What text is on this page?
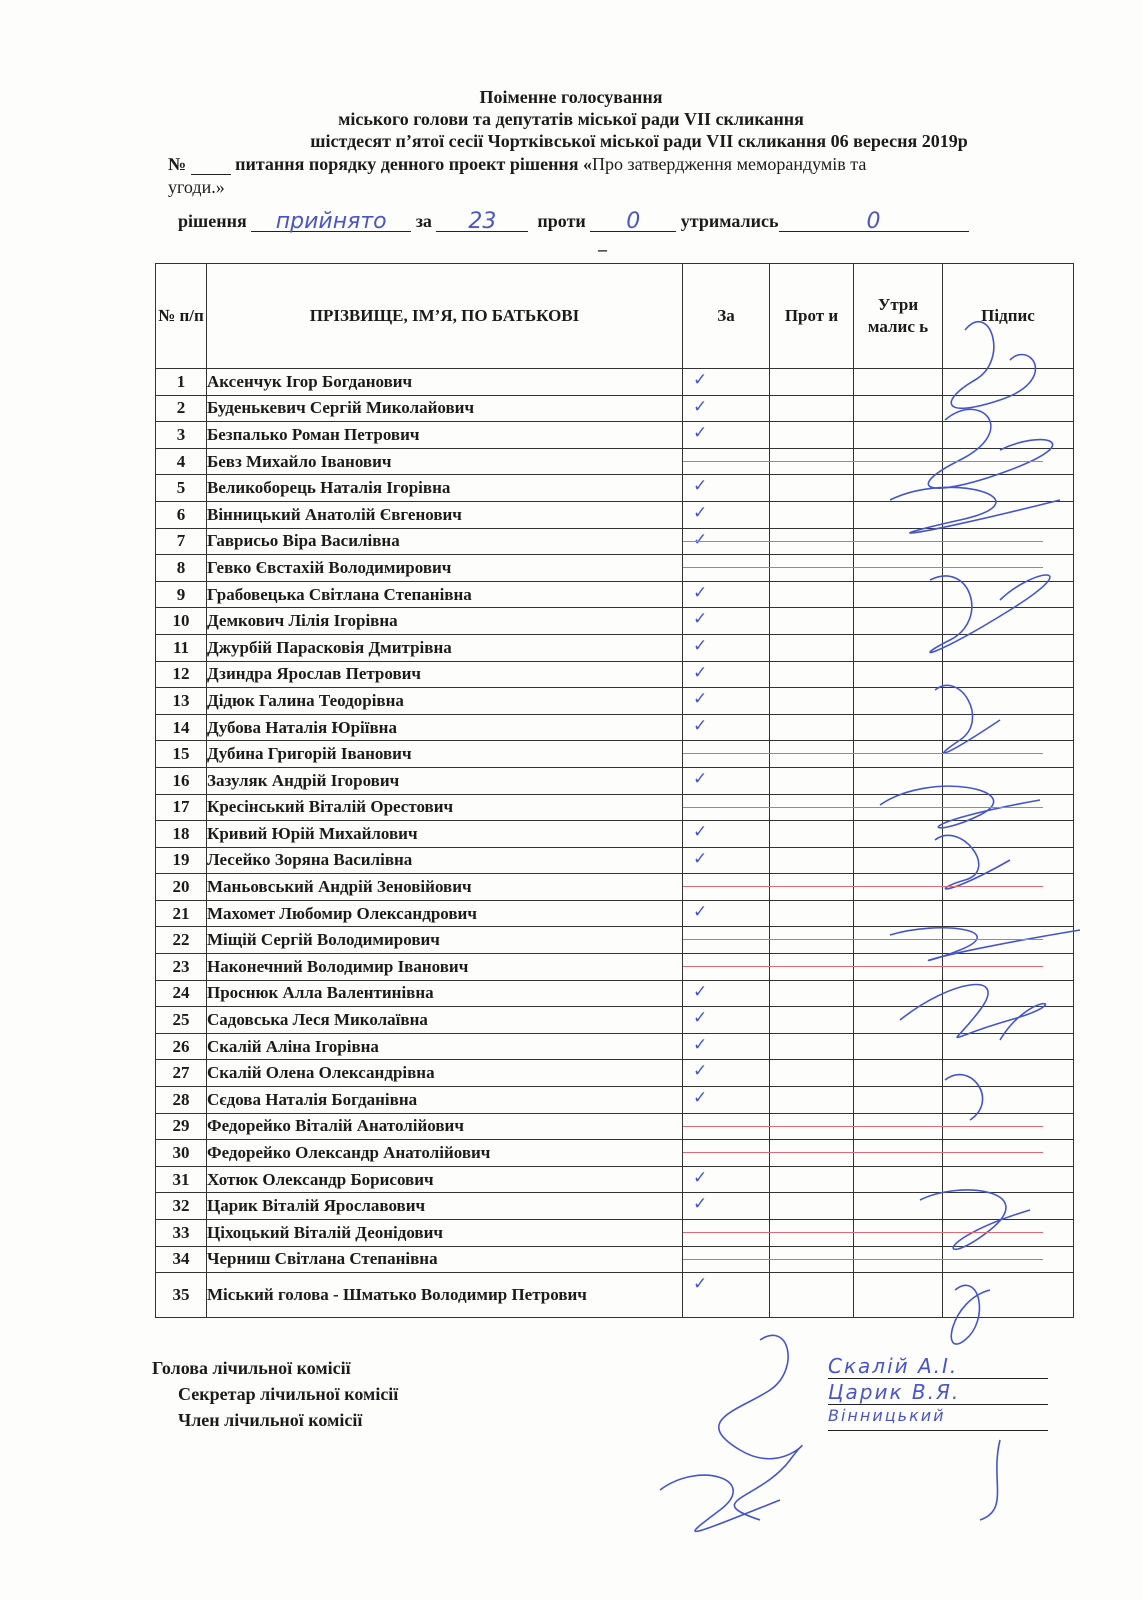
Поіменне голосування
міського голови та депутатів міської ради VII скликання
шістдесят п’ятої сесії Чортківської міської ради VII скликання 06 вересня 2019р
№	питання порядку денного проект рішення «Про затвердження меморандумів та
угоди.»
рішення прийнято за 23 проти 0 утримались	0
–
№ п/п	ПРІЗВИЩЕ, ІМ’Я, ПО БАТЬКОВІ	За	Прот и	Утри малис ь	Підпис
1	Аксенчук Ігор Богданович	✓			

2	Буденькевич Сергій Миколайович	✓			

3	Безпалько Роман Петрович	✓			

4	Бевз Михайло Іванович	

5	Великоборець Наталія Ігорівна	✓			

6	Вінницький Анатолій Євгенович	✓			

7	Гаврисьо Віра Василівна	✓			

8	Гевко Євстахій Володимирович	

9	Грабовецька Світлана Степанівна	✓			

10	Демкович Лілія Ігорівна	✓			

11	Джурбій Парасковія Дмитрівна	✓			

12	Дзиндра Ярослав Петрович	✓			

13	Дідюк Галина Теодорівна	✓			

14	Дубова Наталія Юріївна	✓			

15	Дубина Григорій Іванович	

16	Зазуляк Андрій Ігорович	✓			

17	Кресінський Віталій Орестович	

18	Кривий Юрій Михайлович	✓			

19	Лесейко Зоряна Василівна	✓			

20	Маньовський Андрій Зеновійович	

21	Махомет Любомир Олександрович	✓			

22	Міщій Сергій Володимирович	

23	Наконечний Володимир Іванович	

24	Проснюк Алла Валентинівна	✓			

25	Садовська Леся Миколаївна	✓			

26	Скалій Аліна Ігорівна	✓			

27	Скалій Олена Олександрівна	✓			

28	Сєдова Наталія Богданівна	✓			

29	Федорейко Віталій Анатолійович	

30	Федорейко Олександр Анатолійович	

31	Хотюк Олександр Борисович	✓			

32	Царик Віталій Ярославович	✓			

33	Ціхоцький Віталій Деонідович	

34	Черниш Світлана Степанівна	

35	Міський голова - Шматько Володимир Петрович	✓			

Голова лічильної комісії
Секретар лічильної комісії
Член лічильної комісії
Скалій А.І.
Царик В.Я.
Вінницький
